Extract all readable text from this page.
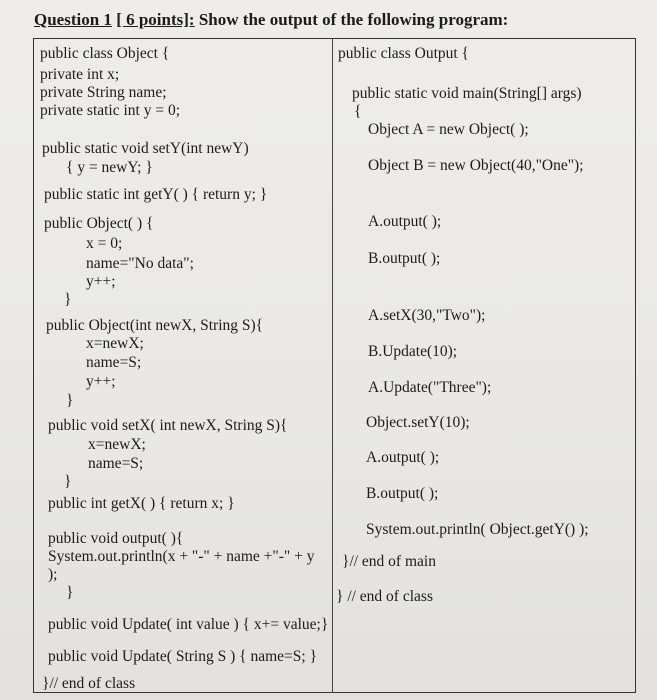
Question 1 [ 6 points]: Show the output of the following program:
public class Object {
private int x;
private String name;
private static int y = 0;
public static void setY(int newY)
{ y = newY; }
public static int getY( ) { return y; }
public Object( ) {
x = 0;
name="No data";
y++;
}
public Object(int newX, String S){
x=newX;
name=S;
y++;
}
public void setX( int newX, String S){
x=newX;
name=S;
}
public int getX( ) { return x; }
public void output( ){
System.out.println(x + "-" + name +"-" + y
);
}
public void Update( int value ) { x+= value;}
public void Update( String S ) { name=S; }
}// end of class
public class Output {
public static void main(String[] args)
{
Object A = new Object( );
Object B = new Object(40,"One");
A.output( );
B.output( );
A.setX(30,"Two");
B.Update(10);
A.Update("Three");
Object.setY(10);
A.output( );
B.output( );
System.out.println( Object.getY() );
}// end of main
} // end of class
